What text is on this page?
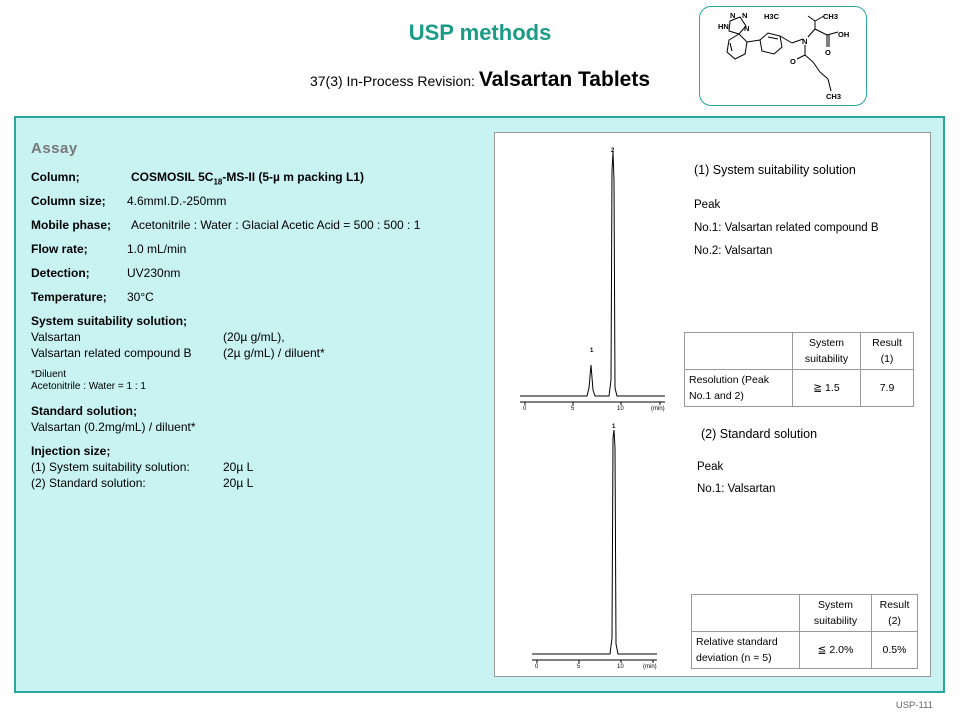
USP methods
37(3) In-Process Revision: Valsartan Tablets
H3C	CH3
N N
N
HN
N
O
OH
O
CH3
Assay
Column;	COSMOSIL $5C_{18}-MS-II$ (5-µ m packing L1)
Column size; 4.6mmI.D.-250mm
Mobile phase; Acetonitrile : Water : Glacial Acetic Acid = 500 : 500 : 1
Flow rate;	1.0 mL/min
Detection;	UV230nm
Temperature; 30°C
System suitability solution;
Valsartan	(20µ g/mL),
Valsartan related compound B	(2µ g/mL) / diluent*
*Diluent
Acetonitrile : Water = 1 : 1
Standard solution;
Valsartan (0.2mg/mL) / diluent*
Injection size;
(1) System suitability solution:	20µ L
(2) Standard solution:	20µ L
2
1
0	5	10	(min)
(1) System suitability solution
Peak
No.1: Valsartan related compound B
No.2: Valsartan
	System suitability	Result (1)
Resolution (Peak No.1 and 2)	≧ 1.5	7.9
1
0	5	10	(min)
(2) Standard solution
Peak
No.1: Valsartan
	System suitability	Result (2)
Relative standard deviation (n = 5)	≦ 2.0%	0.5%
USP-111
